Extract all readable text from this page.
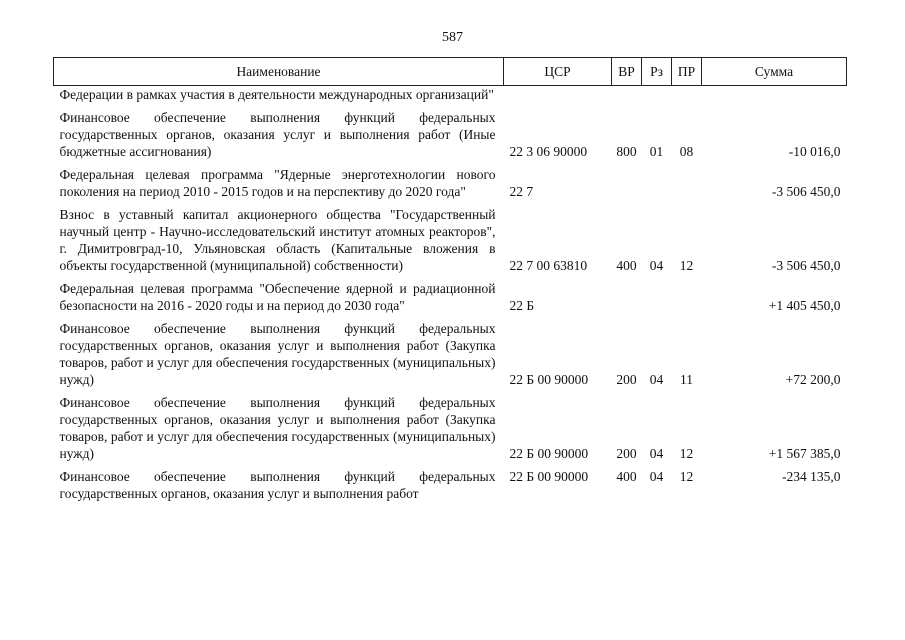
587
Наименование	ЦСР	ВР	Рз	ПР	Сумма
Федерации в рамках участия в деятельности международных организаций"					
Финансовое обеспечение выполнения функций федеральных государственных органов, оказания услуг и выполнения работ (Иные бюджетные ассигнования)	22 3 06 90000	800	01	08	-10 016,0
Федеральная целевая программа "Ядерные энерготехнологии нового поколения на период 2010 - 2015 годов и на перспективу до 2020 года"	22 7				-3 506 450,0
Взнос в уставный капитал акционерного общества "Государственный научный центр - Научно-исследовательский институт атомных реакторов", г. Димитровград-10, Ульяновская область (Капитальные вложения в объекты государственной (муниципальной) собственности)	22 7 00 63810	400	04	12	-3 506 450,0
Федеральная целевая программа "Обеспечение ядерной и радиационной безопасности на 2016 - 2020 годы и на период до 2030 года"	22 Б				+1 405 450,0
Финансовое обеспечение выполнения функций федеральных государственных органов, оказания услуг и выполнения работ (Закупка товаров, работ и услуг для обеспечения государственных (муниципальных) нужд)	22 Б 00 90000	200	04	11	+72 200,0
Финансовое обеспечение выполнения функций федеральных государственных органов, оказания услуг и выполнения работ (Закупка товаров, работ и услуг для обеспечения государственных (муниципальных) нужд)	22 Б 00 90000	200	04	12	+1 567 385,0
Финансовое обеспечение выполнения функций федеральных государственных органов, оказания услуг и выполнения работ	22 Б 00 90000	400	04	12	-234 135,0
